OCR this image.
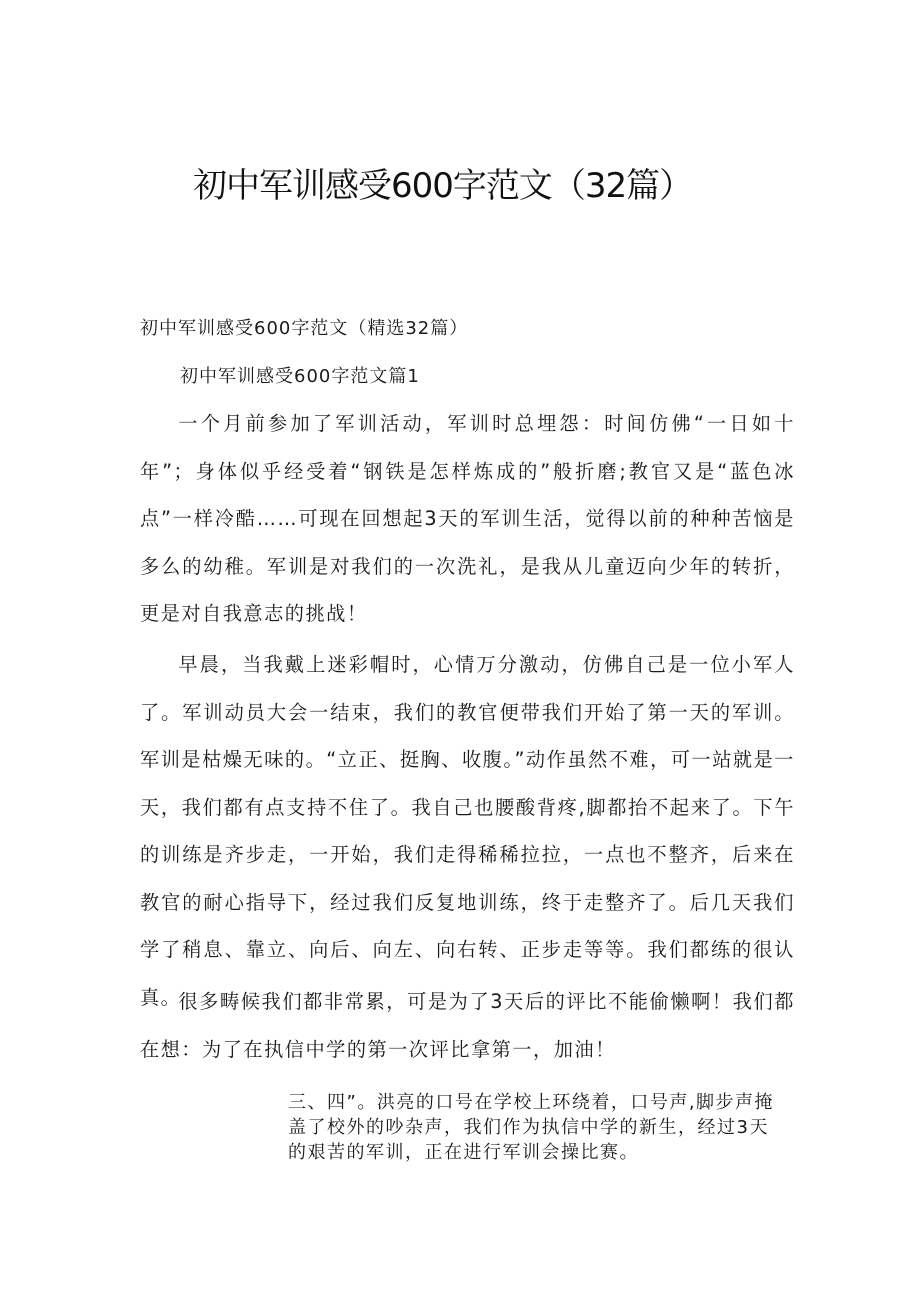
初中军训感受600字范文（32篇）
初中军训感受600字范文（精选32篇）
初中军训感受600字范文篇1

一个月前参加了军训活动，军训时总埋怨：时间仿佛“一日如十年”；身体似乎经受着“钢铁是怎样炼成的”般折磨;教官又是“蓝色冰点”一样冷酷……可现在回想起3天的军训生活，觉得以前的种种苦恼是多么的幼稚。军训是对我们的一次洗礼，是我从儿童迈向少年的转折，更是对自我意志的挑战！

早晨，当我戴上迷彩帽时，心情万分激动，仿佛自己是一位小军人了。军训动员大会一结束，我们的教官便带我们开始了第一天的军训。军训是枯燥无味的。“立正、挺胸、收腹。”动作虽然不难，可一站就是一天，我们都有点支持不住了。我自己也腰酸背疼,脚都抬不起来了。下午的训练是齐步走，一开始，我们走得稀稀拉拉，一点也不整齐，后来在教官的耐心指导下，经过我们反复地训练，终于走整齐了。后几天我们学了稍息、靠立、向后、向左、向右转、正步走等等。我们都练的很认真。

很多畴候我们都非常累，可是为了3天后的评比不能偷懒啊！我们都在想：为了在执信中学的第一次评比拿第一，加油！

三、四”。洪亮的口号在学校上环绕着，口号声,脚步声掩盖了校外的吵杂声，我们作为执信中学的新生，经过3天的艰苦的军训，正在进行军训会操比赛。
